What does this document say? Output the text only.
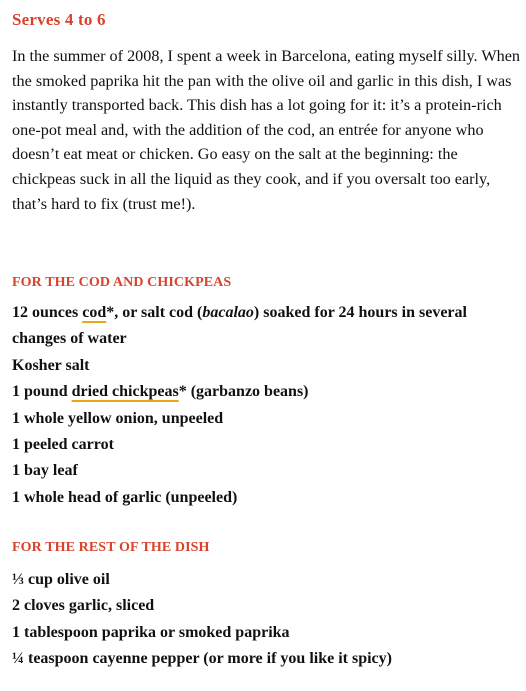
Serves 4 to 6

In the summer of 2008, I spent a week in Barcelona, eating myself silly. When the smoked paprika hit the pan with the olive oil and garlic in this dish, I was instantly transported back. This dish has a lot going for it: it’s a protein-rich one-pot meal and, with the addition of the cod, an entrée for anyone who doesn’t eat meat or chicken. Go easy on the salt at the beginning: the chickpeas suck in all the liquid as they cook, and if you oversalt too early, that’s hard to fix (trust me!).

FOR THE COD AND CHICKPEAS
12 ounces cod*, or salt cod (bacalao) soaked for 24 hours in several changes of water
Kosher salt
1 pound dried chickpeas* (garbanzo beans)
1 whole yellow onion, unpeeled
1 peeled carrot
1 bay leaf
1 whole head of garlic (unpeeled)
FOR THE REST OF THE DISH
⅓ cup olive oil
2 cloves garlic, sliced
1 tablespoon paprika or smoked paprika
¼ teaspoon cayenne pepper (or more if you like it spicy)
